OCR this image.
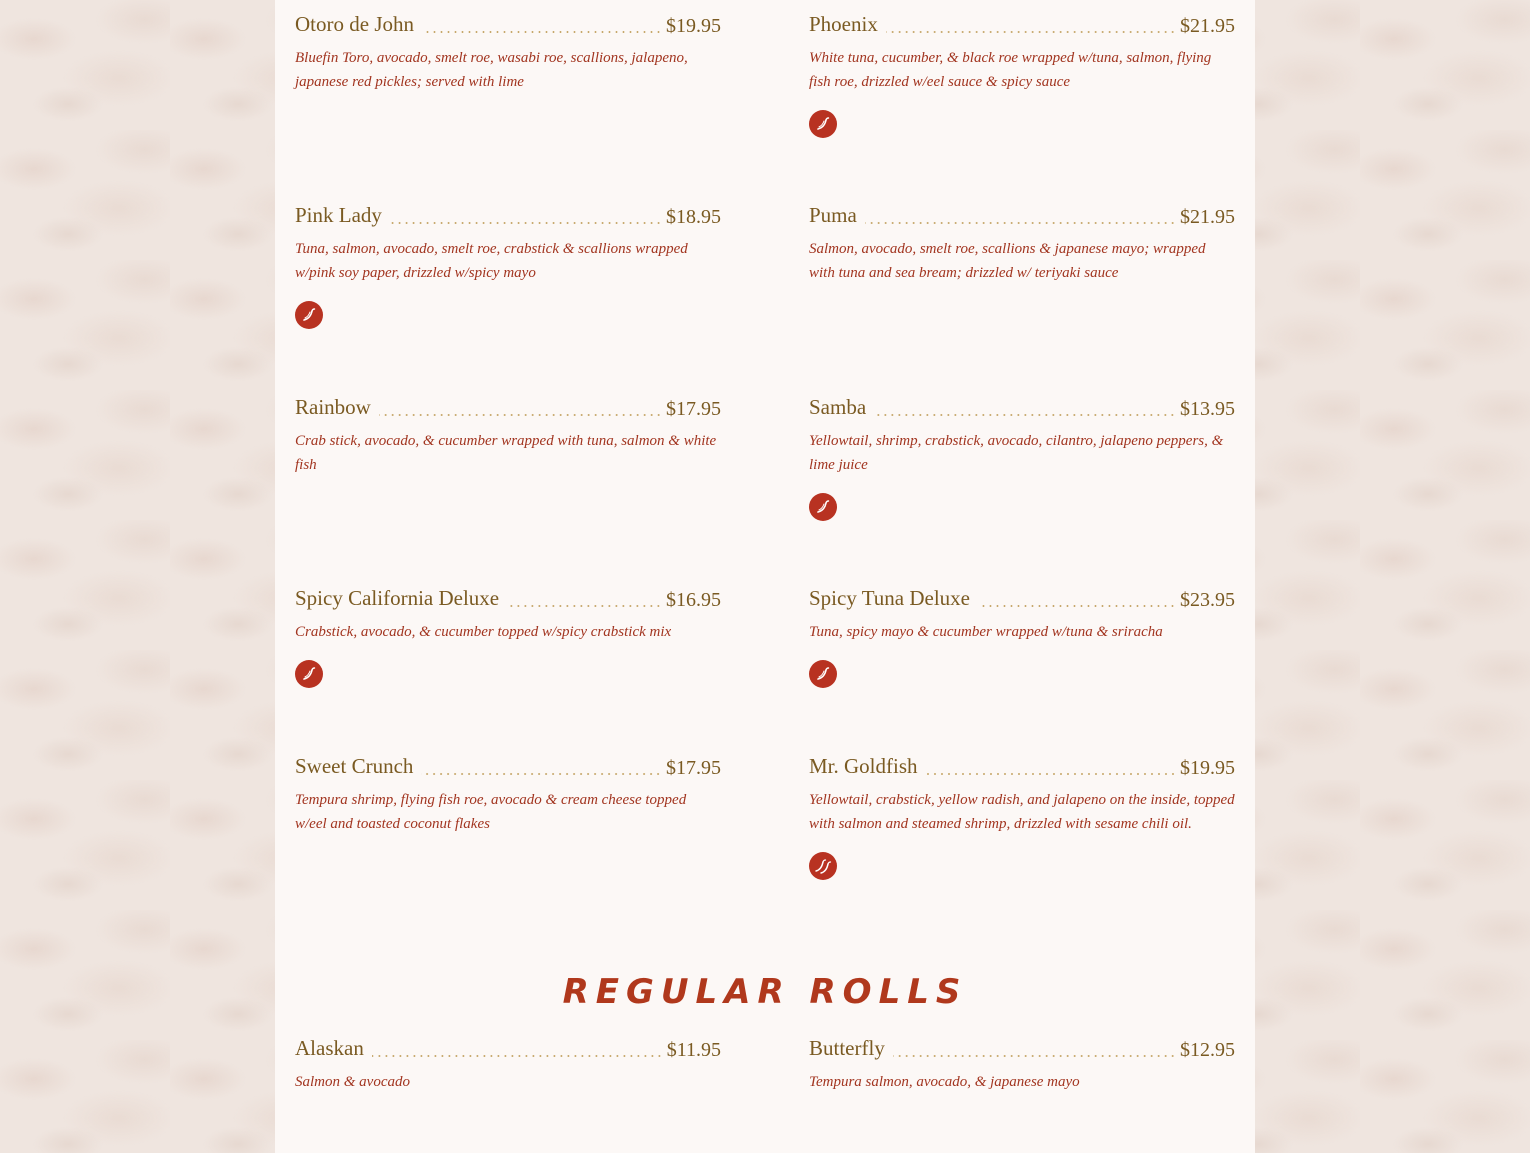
Otoro de John	$19.95
Bluefin Toro, avocado, smelt roe, wasabi roe, scallions, jalapeno, japanese red pickles; served with lime
Phoenix	$21.95
White tuna, cucumber, & black roe wrapped w/tuna, salmon, flying fish roe, drizzled w/eel sauce & spicy sauce
Pink Lady	$18.95
Tuna, salmon, avocado, smelt roe, crabstick & scallions wrapped w/pink soy paper, drizzled w/spicy mayo
Puma	$21.95
Salmon, avocado, smelt roe, scallions & japanese mayo; wrapped with tuna and sea bream; drizzled w/ teriyaki sauce
Rainbow	$17.95
Crab stick, avocado, & cucumber wrapped with tuna, salmon & white fish
Samba	$13.95
Yellowtail, shrimp, crabstick, avocado, cilantro, jalapeno peppers, & lime juice
Spicy California Deluxe	$16.95
Crabstick, avocado, & cucumber topped w/spicy crabstick mix
Spicy Tuna Deluxe	$23.95
Tuna, spicy mayo & cucumber wrapped w/tuna & sriracha
Sweet Crunch	$17.95
Tempura shrimp, flying fish roe, avocado & cream cheese topped w/eel and toasted coconut flakes
Mr. Goldfish	$19.95
Yellowtail, crabstick, yellow radish, and jalapeno on the inside, topped with salmon and steamed shrimp, drizzled with sesame chili oil.
REGULAR ROLLS
Alaskan	$11.95
Salmon & avocado
Butterfly	$12.95
Tempura salmon, avocado, & japanese mayo
